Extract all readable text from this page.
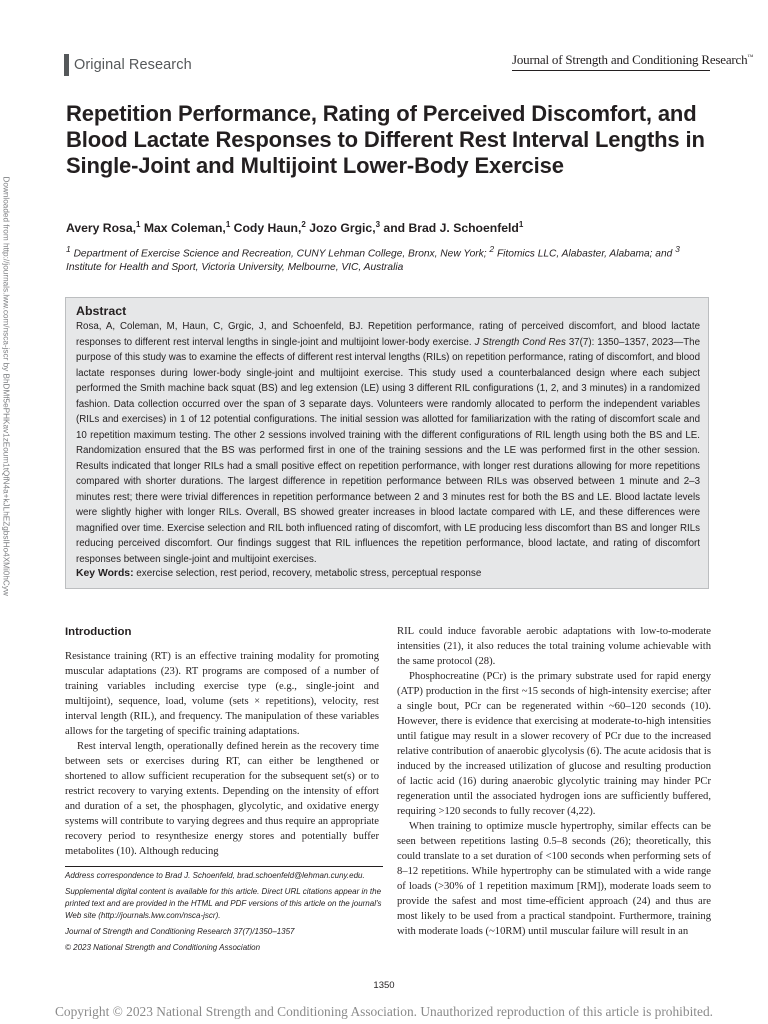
Original Research	Journal of Strength and Conditioning Research™
Repetition Performance, Rating of Perceived Discomfort, and Blood Lactate Responses to Different Rest Interval Lengths in Single-Joint and Multijoint Lower-Body Exercise

Avery Rosa,$^1$ Max Coleman,$^1$ Cody Haun,$^2$ Jozo Grgic,$^3$ and Brad J. Schoenfeld$^1$

$^1$ Department of Exercise Science and Recreation, CUNY Lehman College, Bronx, New York; $^2$ Fitomics LLC, Alabaster, Alabama; and $^3$ Institute for Health and Sport, Victoria University, Melbourne, VIC, Australia

Downloaded from http://journals.lww.com/nsca-jscr by BhDMf5ePHKav1zEoum1tQfN4a+kJLhEZgbsIHo4XMi0hCyw
Abstract
Rosa, A, Coleman, M, Haun, C, Grgic, J, and Schoenfeld, BJ. Repetition performance, rating of perceived discomfort, and blood lactate responses to different rest interval lengths in single-joint and multijoint lower-body exercise. J Strength Cond Res 37(7): 1350–1357, 2023—The purpose of this study was to examine the effects of different rest interval lengths (RILs) on repetition performance, rating of discomfort, and blood lactate responses during lower-body single-joint and multijoint exercise. This study used a counterbalanced design where each subject performed the Smith machine back squat (BS) and leg extension (LE) using 3 different RIL configurations (1, 2, and 3 minutes) in a randomized fashion. Data collection occurred over the span of 3 separate days. Volunteers were randomly allocated to perform the independent variables (RILs and exercises) in 1 of 12 potential configurations. The initial session was allotted for familiarization with the rating of discomfort scale and 10 repetition maximum testing. The other 2 sessions involved training with the different configurations of RIL length using both the BS and LE. Randomization ensured that the BS was performed first in one of the training sessions and the LE was performed first in the other session. Results indicated that longer RILs had a small positive effect on repetition performance, with longer rest durations allowing for more repetitions compared with shorter durations. The largest difference in repetition performance between RILs was observed between 1 minute and 2–3 minutes rest; there were trivial differences in repetition performance between 2 and 3 minutes rest for both the BS and LE. Blood lactate levels were slightly higher with longer RILs. Overall, BS showed greater increases in blood lactate compared with LE, and these differences were magnified over time. Exercise selection and RIL both influenced rating of discomfort, with LE producing less discomfort than BS and longer RILs reducing perceived discomfort. Our findings suggest that RIL influences the repetition performance, blood lactate, and rating of discomfort responses between single-joint and multijoint exercises.
Key Words: exercise selection, rest period, recovery, metabolic stress, perceptual response
Introduction

Resistance training (RT) is an effective training modality for promoting muscular adaptations (23). RT programs are composed of a number of training variables including exercise type (e.g., single-joint and multijoint), sequence, load, volume (sets × repetitions), velocity, rest interval length (RIL), and frequency. The manipulation of these variables allows for the targeting of specific training adaptations.

Rest interval length, operationally defined herein as the recovery time between sets or exercises during RT, can either be lengthened or shortened to allow sufficient recuperation for the subsequent set(s) or to restrict recovery to varying extents. Depending on the intensity of effort and duration of a set, the phosphagen, glycolytic, and oxidative energy systems will contribute to varying degrees and thus require an appropriate recovery period to resynthesize energy stores and potentially buffer metabolites (10). Although reducing

RIL could induce favorable aerobic adaptations with low-to-moderate intensities (21), it also reduces the total training volume achievable with the same protocol (28).

Phosphocreatine (PCr) is the primary substrate used for rapid energy (ATP) production in the first ~15 seconds of high-intensity exercise; after a single bout, PCr can be regenerated within ~60–120 seconds (10). However, there is evidence that exercising at moderate-to-high intensities until fatigue may result in a slower recovery of PCr due to the increased relative contribution of anaerobic glycolysis (6). The acute acidosis that is induced by the increased utilization of glucose and resulting production of lactic acid (16) during anaerobic glycolytic training may hinder PCr regeneration until the associated hydrogen ions are sufficiently buffered, requiring >120 seconds to fully recover (4,22).

When training to optimize muscle hypertrophy, similar effects can be seen between repetitions lasting 0.5–8 seconds (26); theoretically, this could translate to a set duration of <100 seconds when performing sets of 8–12 repetitions. While hypertrophy can be stimulated with a wide range of loads (>30% of 1 repetition maximum [RM]), moderate loads seem to provide the safest and most time-efficient approach (24) and thus are most likely to be used from a practical standpoint. Furthermore, training with moderate loads (~10RM) until muscular failure will result in an

Address correspondence to Brad J. Schoenfeld, brad.schoenfeld@lehman.cuny.edu.

Supplemental digital content is available for this article. Direct URL citations appear in the printed text and are provided in the HTML and PDF versions of this article on the journal's Web site (http://journals.lww.com/nsca-jscr).

Journal of Strength and Conditioning Research 37(7)/1350–1357

© 2023 National Strength and Conditioning Association

1350
Copyright © 2023 National Strength and Conditioning Association. Unauthorized reproduction of this article is prohibited.
